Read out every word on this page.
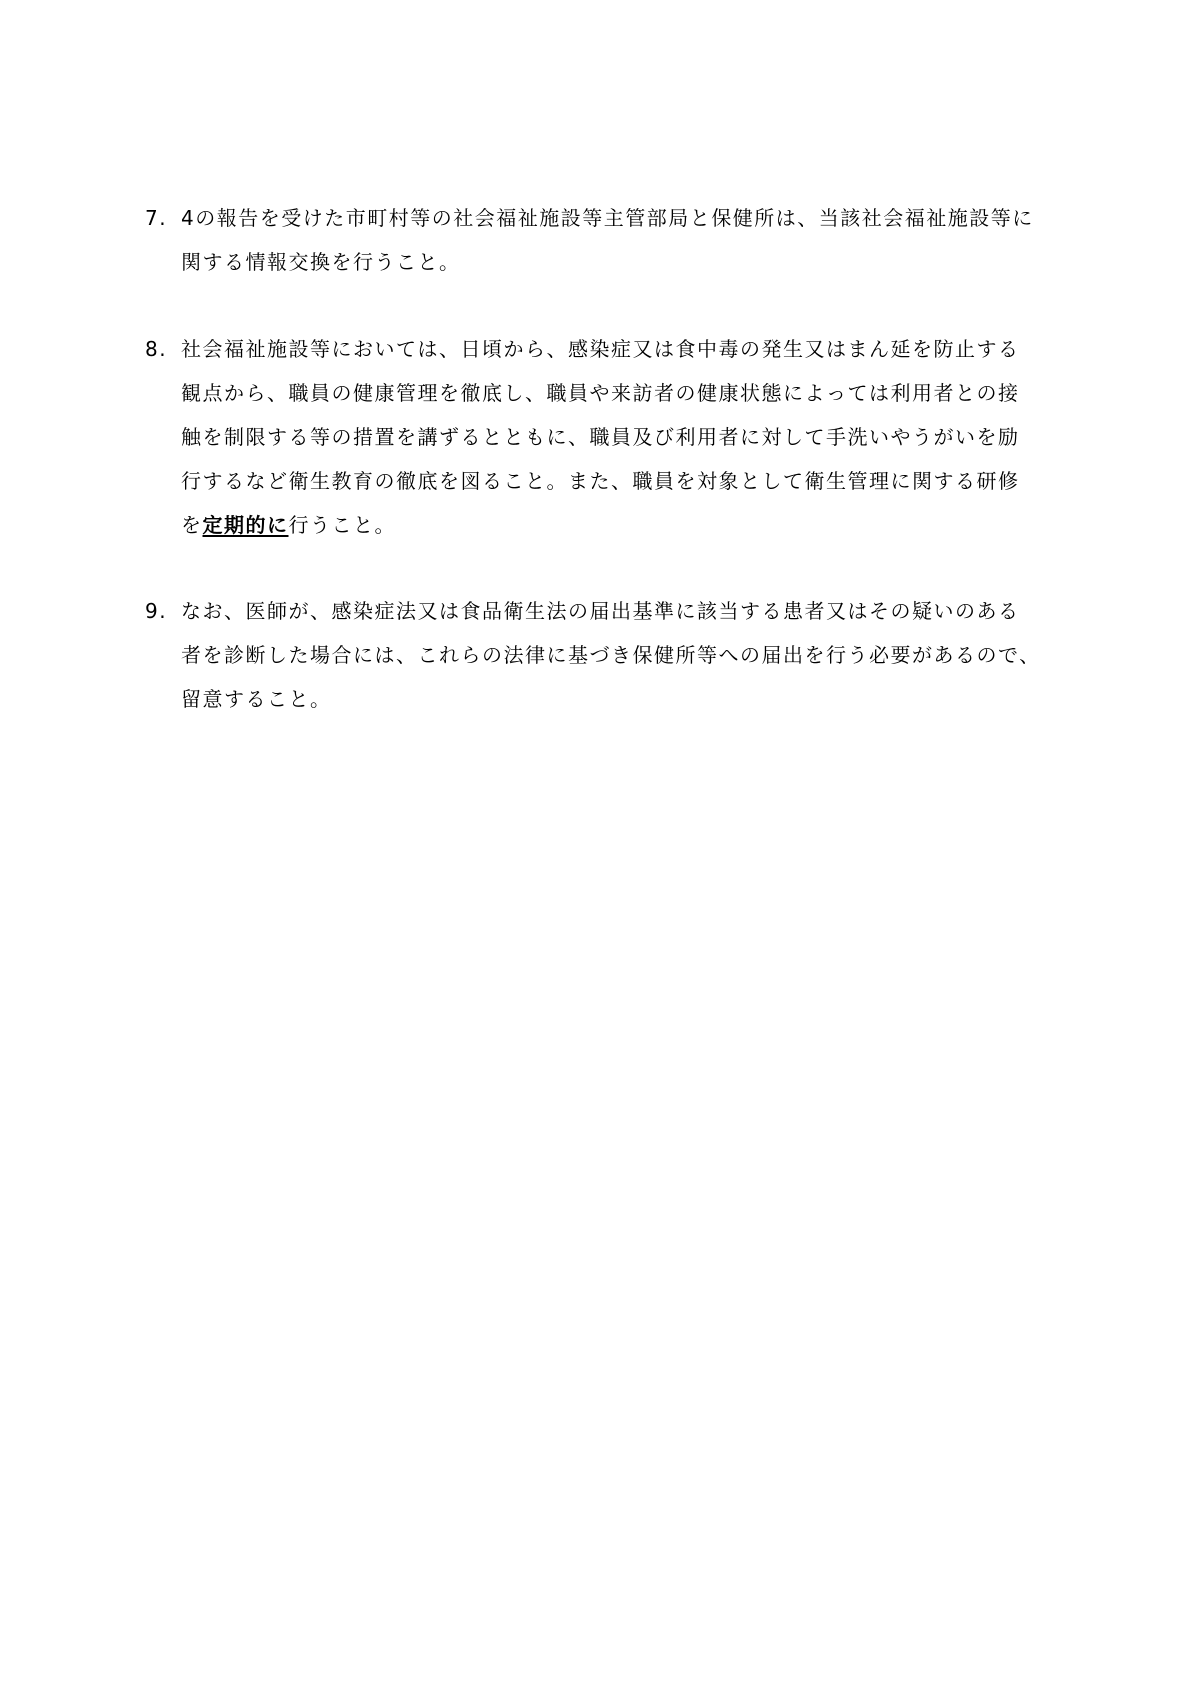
7. 4の報告を受けた市町村等の社会福祉施設等主管部局と保健所は、当該社会福祉施設等に
関する情報交換を行うこと。
8. 社会福祉施設等においては、日頃から、感染症又は食中毒の発生又はまん延を防止する
観点から、職員の健康管理を徹底し、職員や来訪者の健康状態によっては利用者との接
触を制限する等の措置を講ずるとともに、職員及び利用者に対して手洗いやうがいを励
行するなど衛生教育の徹底を図ること。また、職員を対象として衛生管理に関する研修
を定期的に行うこと。
9. なお、医師が、感染症法又は食品衛生法の届出基準に該当する患者又はその疑いのある
者を診断した場合には、これらの法律に基づき保健所等への届出を行う必要があるので、
留意すること。
